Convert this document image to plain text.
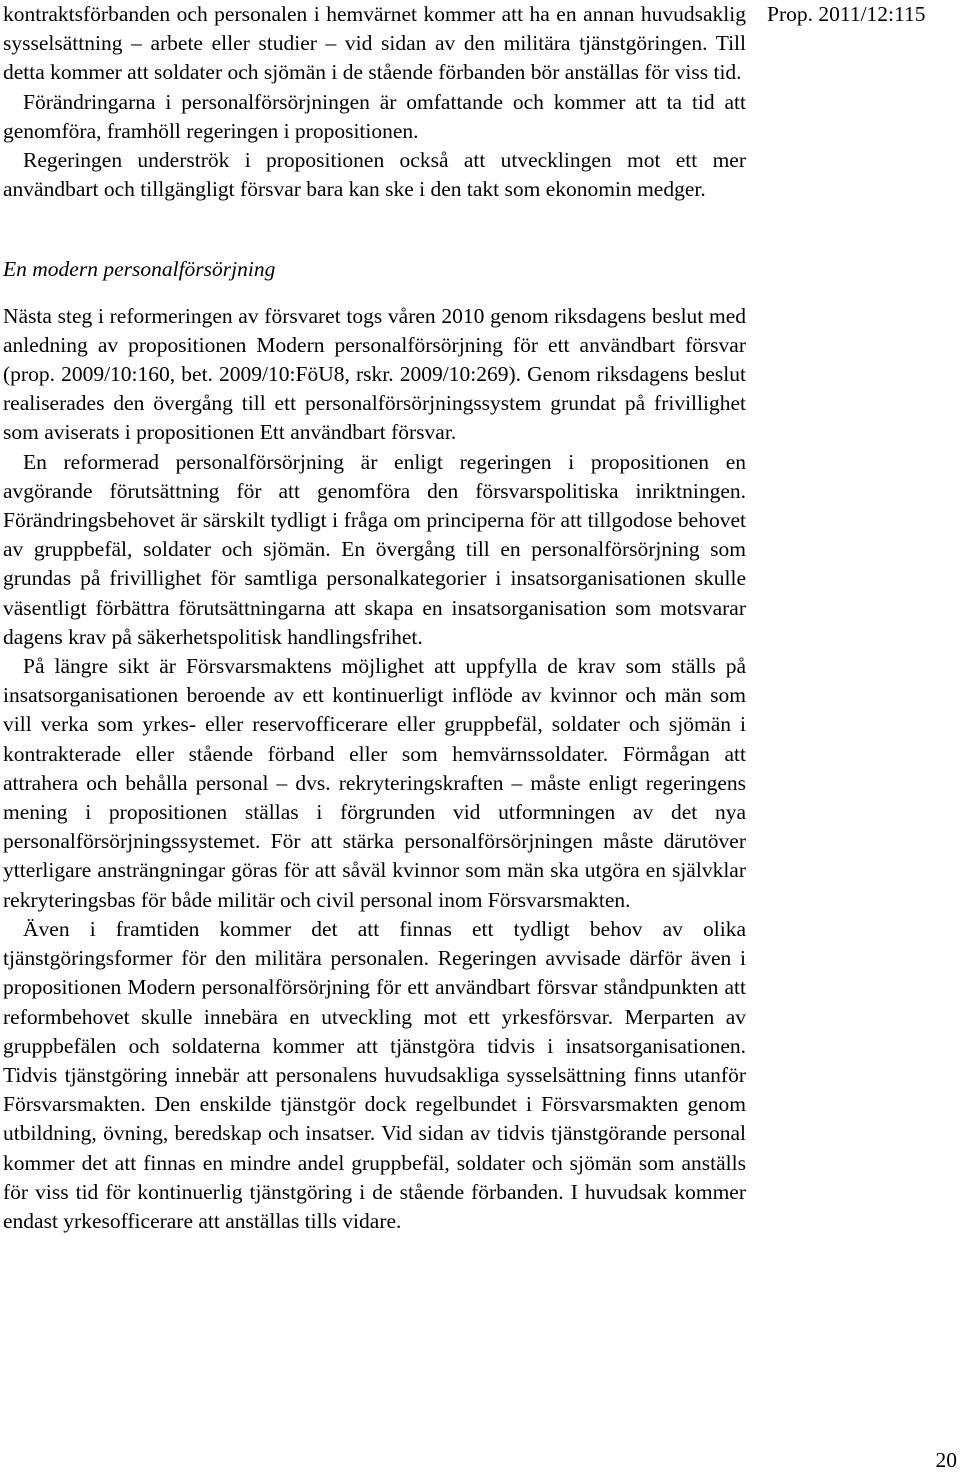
Prop. 2011/12:115

kontraktsförbanden och personalen i hemvärnet kommer att ha en annan huvudsaklig sysselsättning – arbete eller studier – vid sidan av den militära tjänstgöringen. Till detta kommer att soldater och sjömän i de stående förbanden bör anställas för viss tid.

Förändringarna i personalförsörjningen är omfattande och kommer att ta tid att genomföra, framhöll regeringen i propositionen.

Regeringen underströk i propositionen också att utvecklingen mot ett mer användbart och tillgängligt försvar bara kan ske i den takt som ekonomin medger.

En modern personalförsörjning

Nästa steg i reformeringen av försvaret togs våren 2010 genom riksdagens beslut med anledning av propositionen Modern personalförsörjning för ett användbart försvar (prop. 2009/10:160, bet. 2009/10:FöU8, rskr. 2009/10:269). Genom riksdagens beslut realiserades den övergång till ett personalförsörjningssystem grundat på frivillighet som aviserats i propositionen Ett användbart försvar.

En reformerad personalförsörjning är enligt regeringen i propositionen en avgörande förutsättning för att genomföra den försvarspolitiska inriktningen. Förändringsbehovet är särskilt tydligt i fråga om principerna för att tillgodose behovet av gruppbefäl, soldater och sjömän. En övergång till en personalförsörjning som grundas på frivillighet för samtliga personalkategorier i insatsorganisationen skulle väsentligt förbättra förutsättningarna att skapa en insatsorganisation som motsvarar dagens krav på säkerhetspolitisk handlingsfrihet.

På längre sikt är Försvarsmaktens möjlighet att uppfylla de krav som ställs på insatsorganisationen beroende av ett kontinuerligt inflöde av kvinnor och män som vill verka som yrkes- eller reservofficerare eller gruppbefäl, soldater och sjömän i kontrakterade eller stående förband eller som hemvärnssoldater. Förmågan att attrahera och behålla personal – dvs. rekryteringskraften – måste enligt regeringens mening i propositionen ställas i förgrunden vid utformningen av det nya personalförsörjningssystemet. För att stärka personalförsörjningen måste därutöver ytterligare ansträngningar göras för att såväl kvinnor som män ska utgöra en självklar rekryteringsbas för både militär och civil personal inom Försvarsmakten.

Även i framtiden kommer det att finnas ett tydligt behov av olika tjänstgöringsformer för den militära personalen. Regeringen avvisade därför även i propositionen Modern personalförsörjning för ett användbart försvar ståndpunkten att reformbehovet skulle innebära en utveckling mot ett yrkesförsvar. Merparten av gruppbefälen och soldaterna kommer att tjänstgöra tidvis i insatsorganisationen. Tidvis tjänstgöring innebär att personalens huvudsakliga sysselsättning finns utanför Försvarsmakten. Den enskilde tjänstgör dock regelbundet i Försvarsmakten genom utbildning, övning, beredskap och insatser. Vid sidan av tidvis tjänstgörande personal kommer det att finnas en mindre andel gruppbefäl, soldater och sjömän som anställs för viss tid för kontinuerlig tjänstgöring i de stående förbanden. I huvudsak kommer endast yrkesofficerare att anställas tills vidare.

20
